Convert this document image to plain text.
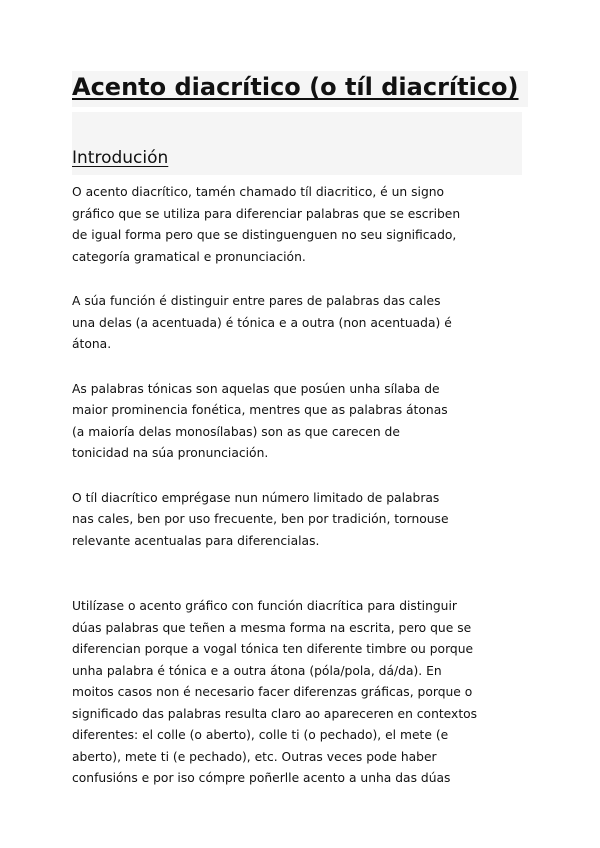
Acento diacrítico (o tíl diacrítico)
Introdución

O acento diacrítico, tamén chamado tíl diacritico, é un signo
gráfico que se utiliza para diferenciar palabras que se escriben
de igual forma pero que se distinguenguen no seu significado,
categoría gramatical e pronunciación.

A súa función é distinguir entre pares de palabras das cales
una delas (a acentuada) é tónica e a outra (non acentuada) é
átona.

As palabras tónicas son aquelas que posúen unha sílaba de
maior prominencia fonética, mentres que as palabras átonas
(a maioría delas monosílabas) son as que carecen de
tonicidad na súa pronunciación.

O tíl diacrítico emprégase nun número limitado de palabras
nas cales, ben por uso frecuente, ben por tradición, tornouse
relevante acentualas para diferencialas.

Utilízase o acento gráfico con función diacrítica para distinguir
dúas palabras que teñen a mesma forma na escrita, pero que se
diferencian porque a vogal tónica ten diferente timbre ou porque
unha palabra é tónica e a outra átona (póla/pola, dá/da). En
moitos casos non é necesario facer diferenzas gráficas, porque o
significado das palabras resulta claro ao apareceren en contextos
diferentes: el colle (o aberto), colle ti (o pechado), el mete (e
aberto), mete ti (e pechado), etc. Outras veces pode haber
confusións e por iso cómpre poñerlle acento a unha das dúas
